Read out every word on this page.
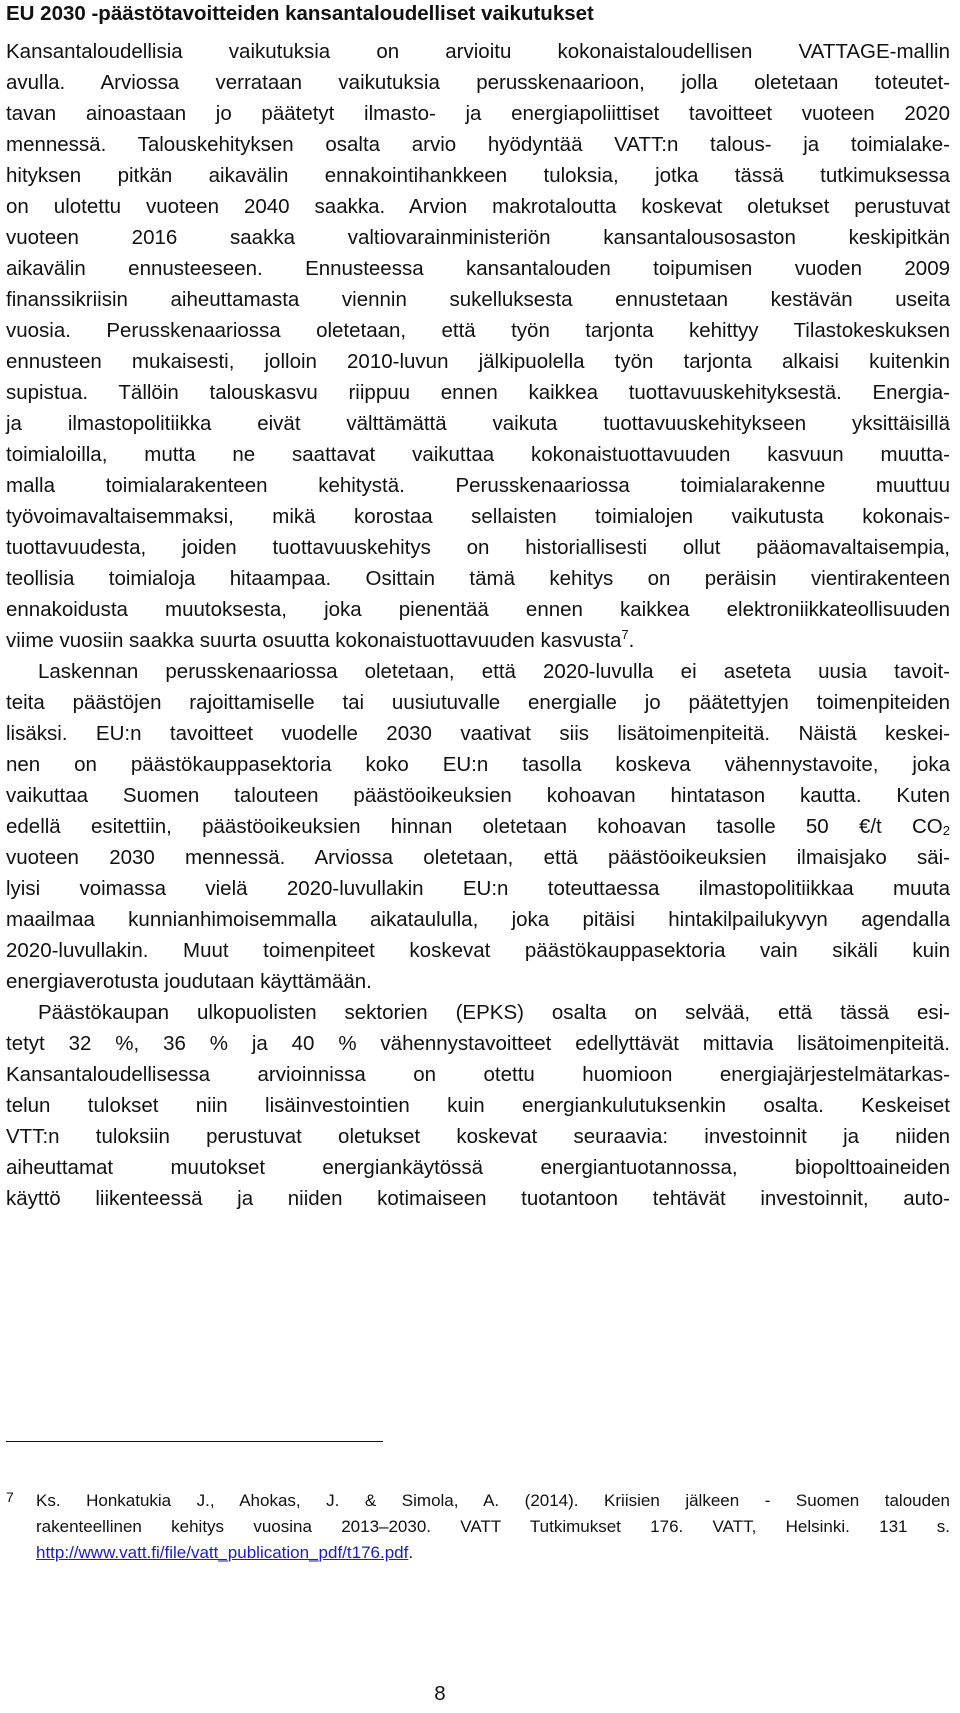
EU 2030 -päästötavoitteiden kansantaloudelliset vaikutukset
Kansantaloudellisia vaikutuksia on arvioitu kokonaistaloudellisen VATTAGE-mallin
avulla. Arviossa verrataan vaikutuksia perusskenaarioon, jolla oletetaan toteutet-
tavan ainoastaan jo päätetyt ilmasto- ja energiapoliittiset tavoitteet vuoteen 2020
mennessä. Talouskehityksen osalta arvio hyödyntää VATT:n talous- ja toimialake-
hityksen pitkän aikavälin ennakointihankkeen tuloksia, jotka tässä tutkimuksessa
on ulotettu vuoteen 2040 saakka. Arvion makrotaloutta koskevat oletukset perustuvat
vuoteen 2016 saakka valtiovarainministeriön kansantalousosaston keskipitkän
aikavälin ennusteeseen. Ennusteessa kansantalouden toipumisen vuoden 2009
finanssikriisin aiheuttamasta viennin sukelluksesta ennustetaan kestävän useita
vuosia. Perusskenaariossa oletetaan, että työn tarjonta kehittyy Tilastokeskuksen
ennusteen mukaisesti, jolloin 2010-luvun jälkipuolella työn tarjonta alkaisi kuitenkin
supistua. Tällöin talouskasvu riippuu ennen kaikkea tuottavuuskehityksestä. Energia-
ja ilmastopolitiikka eivät välttämättä vaikuta tuottavuuskehitykseen yksittäisillä
toimialoilla, mutta ne saattavat vaikuttaa kokonaistuottavuuden kasvuun muutta-
malla toimialarakenteen kehitystä. Perusskenaariossa toimialarakenne muuttuu
työvoimavaltaisemmaksi, mikä korostaa sellaisten toimialojen vaikutusta kokonais-
tuottavuudesta, joiden tuottavuuskehitys on historiallisesti ollut pääomavaltaisempia,
teollisia toimialoja hitaampaa. Osittain tämä kehitys on peräisin vientirakenteen
ennakoidusta muutoksesta, joka pienentää ennen kaikkea elektroniikkateollisuuden
viime vuosiin saakka suurta osuutta kokonaistuottavuuden kasvusta$^7$.
Laskennan perusskenaariossa oletetaan, että 2020-luvulla ei aseteta uusia tavoit-
teita päästöjen rajoittamiselle tai uusiutuvalle energialle jo päätettyjen toimenpiteiden
lisäksi. EU:n tavoitteet vuodelle 2030 vaativat siis lisätoimenpiteitä. Näistä keskei-
nen on päästökauppasektoria koko EU:n tasolla koskeva vähennystavoite, joka
vaikuttaa Suomen talouteen päästöoikeuksien kohoavan hintatason kautta. Kuten
edellä esitettiin, päästöoikeuksien hinnan oletetaan kohoavan tasolle 50 €/t $CO_2$
vuoteen 2030 mennessä. Arviossa oletetaan, että päästöoikeuksien ilmaisjako säi-
lyisi voimassa vielä 2020-luvullakin EU:n toteuttaessa ilmastopolitiikkaa muuta
maailmaa kunnianhimoisemmalla aikataululla, joka pitäisi hintakilpailukyvyn agendalla
2020-luvullakin. Muut toimenpiteet koskevat päästökauppasektoria vain sikäli kuin
energiaverotusta joudutaan käyttämään.
Päästökaupan ulkopuolisten sektorien (EPKS) osalta on selvää, että tässä esi-
tetyt 32 %, 36 % ja 40 % vähennystavoitteet edellyttävät mittavia lisätoimenpiteitä.
Kansantaloudellisessa arvioinnissa on otettu huomioon energiajärjestelmätarkas-
telun tulokset niin lisäinvestointien kuin energiankulutuksenkin osalta. Keskeiset
VTT:n tuloksiin perustuvat oletukset koskevat seuraavia: investoinnit ja niiden
aiheuttamat muutokset energiankäytössä energiantuotannossa, biopolttoaineiden
käyttö liikenteessä ja niiden kotimaiseen tuotantoon tehtävät investoinnit, auto-
7 Ks. Honkatukia J., Ahokas, J. & Simola, A. (2014). Kriisien jälkeen - Suomen talouden
rakenteellinen kehitys vuosina 2013–2030. VATT Tutkimukset 176. VATT, Helsinki. 131 s.
http://www.vatt.fi/file/vatt_publication_pdf/t176.pdf.
8
